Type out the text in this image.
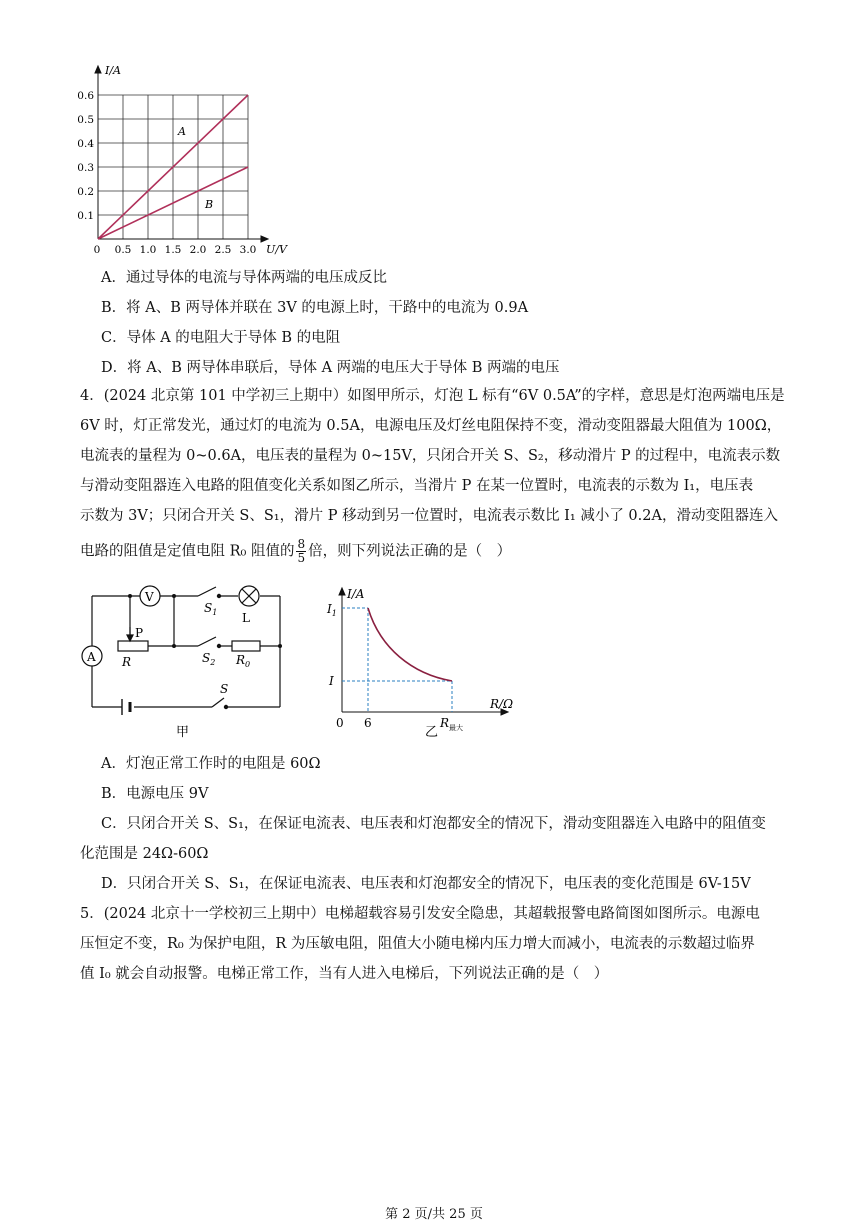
I/A
U/V
0.6
0.5
0.4
0.3
0.2
0.1
0 0.5 1.0 1.5 2.0 2.5 3.0
A
B
A．通过导体的电流与导体两端的电压成反比
B．将 A、B 两导体并联在 3V 的电源上时，干路中的电流为 0.9A
C．导体 A 的电阻大于导体 B 的电阻
D．将 A、B 两导体串联后，导体 A 两端的电压大于导体 B 两端的电压
4．(2024 北京第 101 中学初三上期中）如图甲所示，灯泡 L 标有“6V 0.5A”的字样，意思是灯泡两端电压是
6V 时，灯正常发光，通过灯的电流为 0.5A，电源电压及灯丝电阻保持不变，滑动变阻器最大阻值为 100Ω，
电流表的量程为 0~0.6A，电压表的量程为 0~15V，只闭合开关 S、S₂，移动滑片 P 的过程中，电流表示数
与滑动变阻器连入电路的阻值变化关系如图乙所示，当滑片 P 在某一位置时，电流表的示数为 I₁，电压表
示数为 3V；只闭合开关 S、S₁，滑片 P 移动到另一位置时，电流表示数比 I₁ 减小了 0.2A，滑动变阻器连入
电路的阻值是定值电阻 R₀ 阻值的 $\frac{8}{5}$ 倍，则下列说法正确的是（　）
V
A
$S_1$ L
P
R	$S_2$ $R_0$
S
甲
I/A
$I_1$
I
0 6	$R_{最大}$
R/Ω
乙
A．灯泡正常工作时的电阻是 60Ω
B．电源电压 9V
C．只闭合开关 S、S₁，在保证电流表、电压表和灯泡都安全的情况下，滑动变阻器连入电路中的阻值变
化范围是 24Ω-60Ω
D．只闭合开关 S、S₁，在保证电流表、电压表和灯泡都安全的情况下，电压表的变化范围是 6V-15V
5．(2024 北京十一学校初三上期中）电梯超载容易引发安全隐患，其超载报警电路简图如图所示。电源电
压恒定不变，R₀ 为保护电阻，R 为压敏电阻，阻值大小随电梯内压力增大而减小，电流表的示数超过临界
值 I₀ 就会自动报警。电梯正常工作，当有人进入电梯后，下列说法正确的是（　）
第 2 页/共 25 页
